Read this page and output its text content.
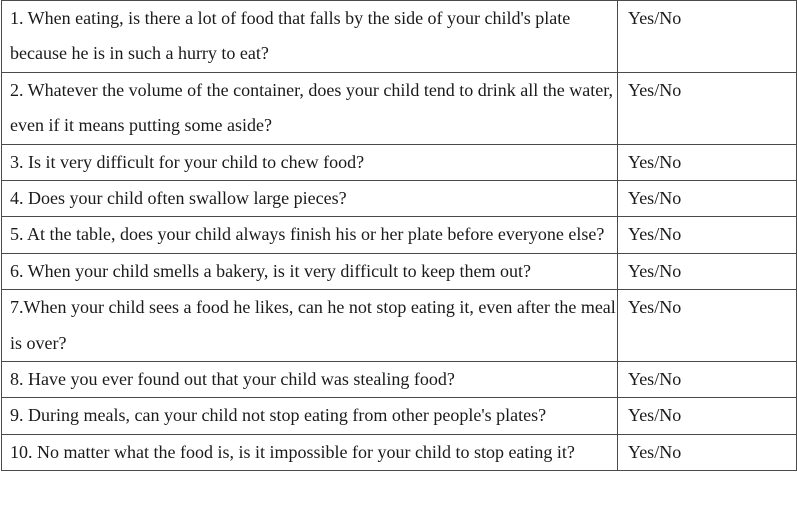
1. When eating, is there a lot of food that falls by the side of your child's plate because he is in such a hurry to eat?	Yes/No
2. Whatever the volume of the container, does your child tend to drink all the water, even if it means putting some aside?	Yes/No
3. Is it very difficult for your child to chew food?	Yes/No
4. Does your child often swallow large pieces?	Yes/No
5. At the table, does your child always finish his or her plate before everyone else?	Yes/No
6. When your child smells a bakery, is it very difficult to keep them out?	Yes/No
7.When your child sees a food he likes, can he not stop eating it, even after the meal is over?	Yes/No
8. Have you ever found out that your child was stealing food?	Yes/No
9. During meals, can your child not stop eating from other people's plates?	Yes/No
10. No matter what the food is, is it impossible for your child to stop eating it?	Yes/No
